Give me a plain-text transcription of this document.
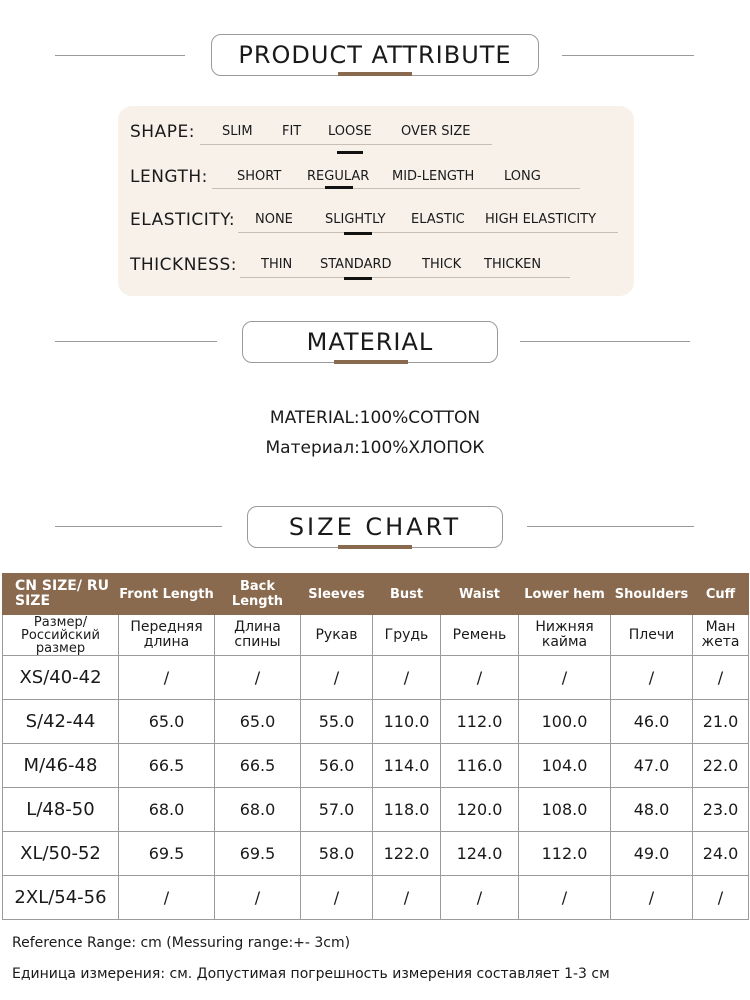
PRODUCT ATTRIBUTE
SHAPE: SLIM FIT LOOSE OVER SIZE
LENGTH: SHORT REGULAR MID-LENGTH LONG
ELASTICITY: NONE SLIGHTLY ELASTIC HIGH ELASTICITY
THICKNESS: THIN STANDARD THICK THICKEN
MATERIAL
MATERIAL:100%COTTON
Материал:100%ХЛОПОК
SIZE CHART
CN SIZE/ RU SIZE	Front Length	Back Length	Sleeves	Bust	Waist	Lower hem	Shoulders	Cuff
Размер/ Российский размер	Передняя длина	Длина спины	Рукав	Грудь	Ремень	Нижняя кайма	Плечи	Ман жета
XS/40-42	/	/	/	/	/	/	/	/
S/42-44	65.0	65.0	55.0	110.0	112.0	100.0	46.0	21.0
M/46-48	66.5	66.5	56.0	114.0	116.0	104.0	47.0	22.0
L/48-50	68.0	68.0	57.0	118.0	120.0	108.0	48.0	23.0
XL/50-52	69.5	69.5	58.0	122.0	124.0	112.0	49.0	24.0
2XL/54-56	/	/	/	/	/	/	/	/
Reference Range: cm (Messuring range:+- 3cm)
Единица измерения: см. Допустимая погрешность измерения составляет 1-3 см
